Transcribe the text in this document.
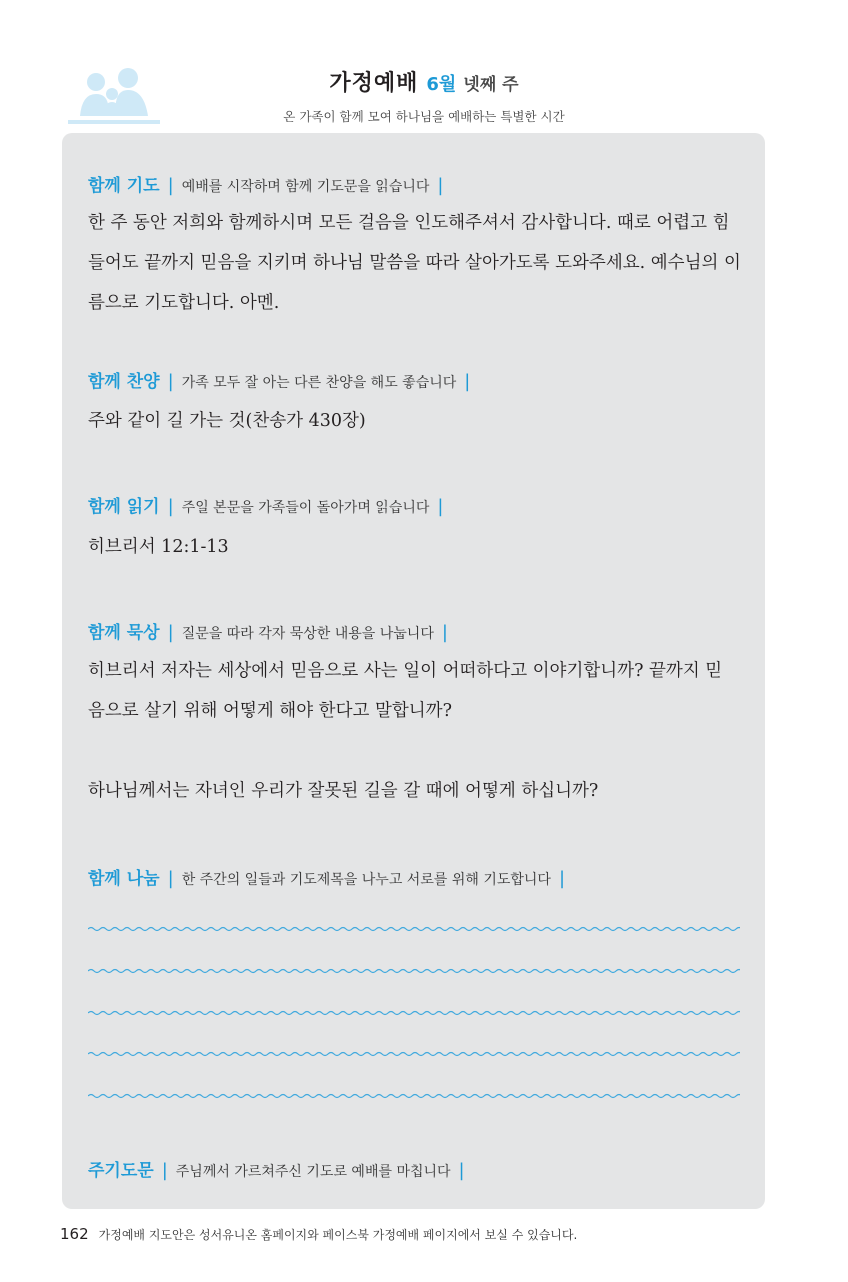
가정예배 6월 넷째 주
온 가족이 함께 모여 하나님을 예배하는 특별한 시간
함께 기도 | 예배를 시작하며 함께 기도문을 읽습니다 |
한 주 동안 저희와 함께하시며 모든 걸음을 인도해주셔서 감사합니다. 때로 어렵고 힘
들어도 끝까지 믿음을 지키며 하나님 말씀을 따라 살아가도록 도와주세요. 예수님의 이
름으로 기도합니다. 아멘.
함께 찬양 | 가족 모두 잘 아는 다른 찬양을 해도 좋습니다 |
주와 같이 길 가는 것(찬송가 430장)
함께 읽기 | 주일 본문을 가족들이 돌아가며 읽습니다 |
히브리서 12:1-13
함께 묵상 | 질문을 따라 각자 묵상한 내용을 나눕니다 |
히브리서 저자는 세상에서 믿음으로 사는 일이 어떠하다고 이야기합니까? 끝까지 믿
음으로 살기 위해 어떻게 해야 한다고 말합니까?
하나님께서는 자녀인 우리가 잘못된 길을 갈 때에 어떻게 하십니까?
함께 나눔 | 한 주간의 일들과 기도제목을 나누고 서로를 위해 기도합니다 |
주기도문 | 주님께서 가르쳐주신 기도로 예배를 마칩니다 |
162 가정예배 지도안은 성서유니온 홈페이지와 페이스북 가정예배 페이지에서 보실 수 있습니다.
